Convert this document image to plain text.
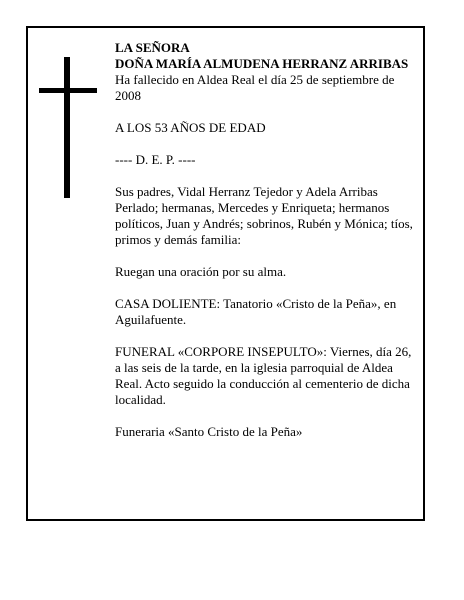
LA SEÑORA

DOÑA MARÍA ALMUDENA HERRANZ ARRIBAS

Ha fallecido en Aldea Real el día 25 de septiembre de 2008

A LOS 53 AÑOS DE EDAD

---- D. E. P. ----

Sus padres, Vidal Herranz Tejedor y Adela Arribas Perlado; hermanas, Mercedes y Enriqueta; hermanos políticos, Juan y Andrés; sobrinos, Rubén y Mónica; tíos, primos y demás familia:

Ruegan una oración por su alma.

CASA DOLIENTE: Tanatorio «Cristo de la Peña», en Aguilafuente.

FUNERAL «CORPORE INSEPULTO»: Viernes, día 26, a las seis de la tarde, en la iglesia parroquial de Aldea Real. Acto seguido la conducción al cementerio de dicha localidad.

Funeraria «Santo Cristo de la Peña»
